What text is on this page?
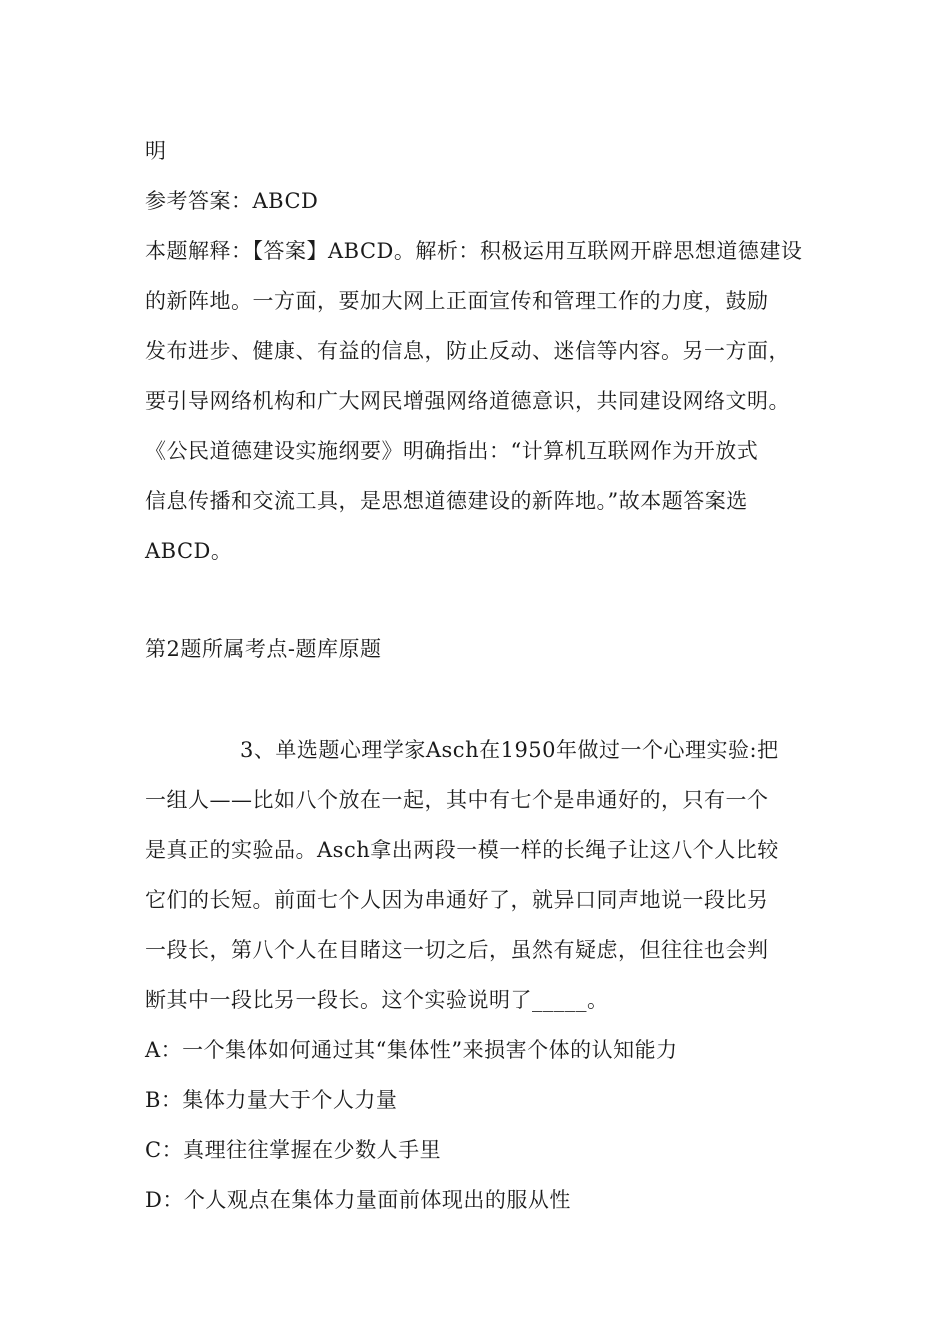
明
参考答案：ABCD
本题解释：【答案】ABCD。解析：积极运用互联网开辟思想道德建设
的新阵地。一方面，要加大网上正面宣传和管理工作的力度，鼓励
发布进步、健康、有益的信息，防止反动、迷信等内容。另一方面，
要引导网络机构和广大网民增强网络道德意识，共同建设网络文明。
《公民道德建设实施纲要》明确指出：“计算机互联网作为开放式
信息传播和交流工具，是思想道德建设的新阵地。”故本题答案选
ABCD。
第2题所属考点-题库原题
3、单选题心理学家Asch在1950年做过一个心理实验:把
一组人——比如八个放在一起，其中有七个是串通好的，只有一个
是真正的实验品。Asch拿出两段一模一样的长绳子让这八个人比较
它们的长短。前面七个人因为串通好了，就异口同声地说一段比另
一段长，第八个人在目睹这一切之后，虽然有疑虑，但往往也会判
断其中一段比另一段长。这个实验说明了_____。
A：一个集体如何通过其“集体性”来损害个体的认知能力
B：集体力量大于个人力量
C：真理往往掌握在少数人手里
D：个人观点在集体力量面前体现出的服从性
